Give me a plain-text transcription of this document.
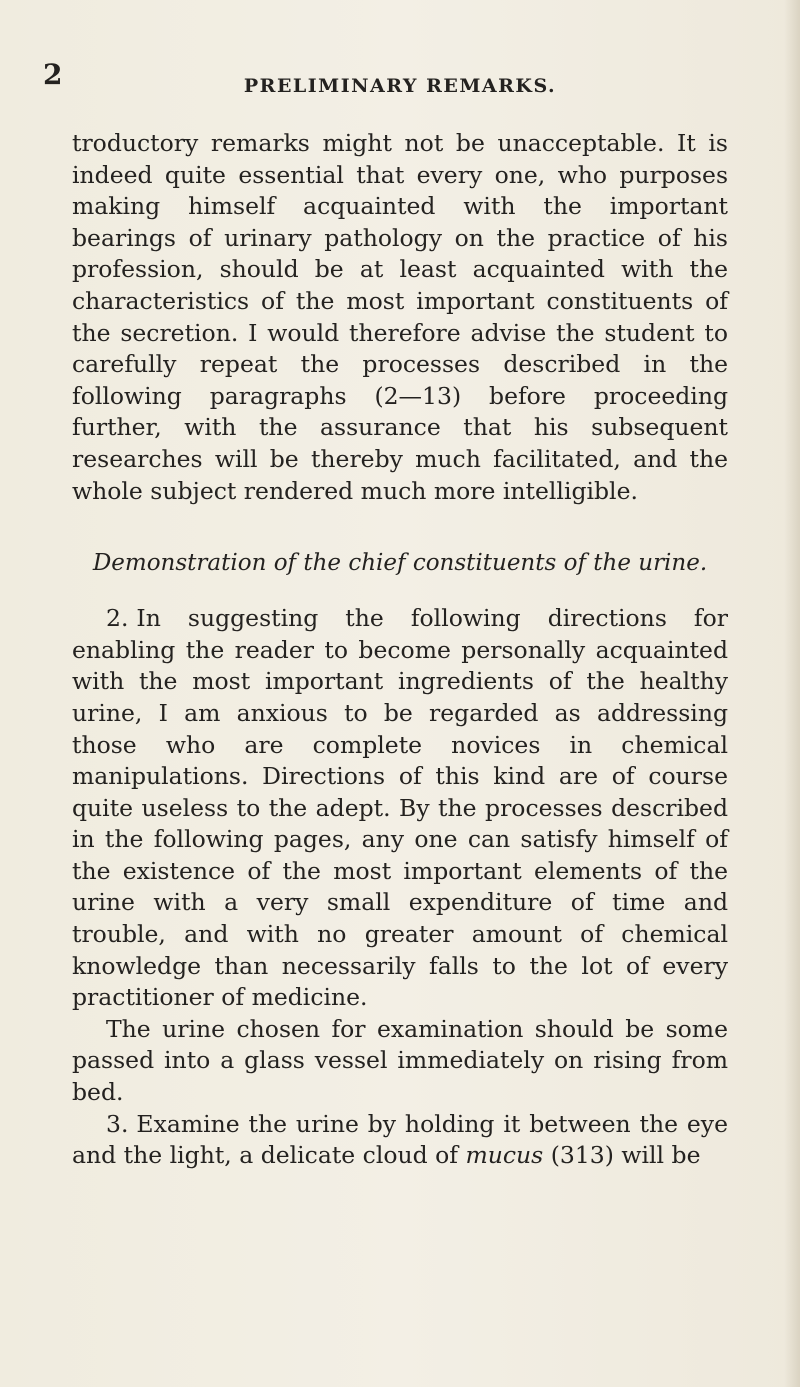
2	PRELIMINARY REMARKS.

troductory remarks might not be unacceptable. It is indeed quite essential that every one, who purposes making himself acquainted with the important bearings of urinary pathology on the practice of his profession, should be at least acquainted with the characteristics of the most important constituents of the secretion. I would therefore advise the student to carefully repeat the processes described in the following paragraphs (2—13) before proceeding further, with the assurance that his subsequent researches will be thereby much facilitated, and the whole subject rendered much more intelligible.

Demonstration of the chief constituents of the urine.

2. In suggesting the following directions for enabling the reader to become personally acquainted with the most important ingredients of the healthy urine, I am anxious to be regarded as addressing those who are complete novices in chemical manipulations. Directions of this kind are of course quite useless to the adept. By the processes described in the following pages, any one can satisfy himself of the existence of the most important elements of the urine with a very small expenditure of time and trouble, and with no greater amount of chemical knowledge than necessarily falls to the lot of every practitioner of medicine.

The urine chosen for examination should be some passed into a glass vessel immediately on rising from bed.

3. Examine the urine by holding it between the eye and the light, a delicate cloud of mucus (313) will be
